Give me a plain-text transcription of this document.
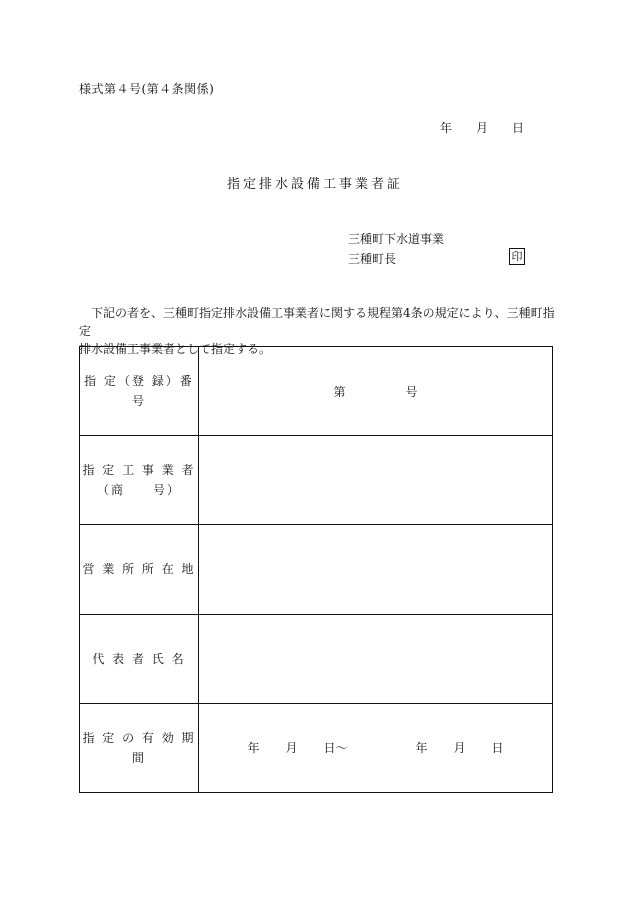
様式第４号(第４条関係)
年 月 日
指定排水設備工事業者証
三種町下水道事業
三種町長	印

下記の者を、三種町指定排水設備工事業者に関する規程第4条の規定により、三種町指定

排水設備工事業者として指定する。

指 定（登 録）番 号	第 号

指 定 工 事 業 者
（商　　号）	

営 業 所 所 在 地	
代 表 者 氏 名	
指 定 の 有 効 期 間	年 月 日～ 年 月 日
